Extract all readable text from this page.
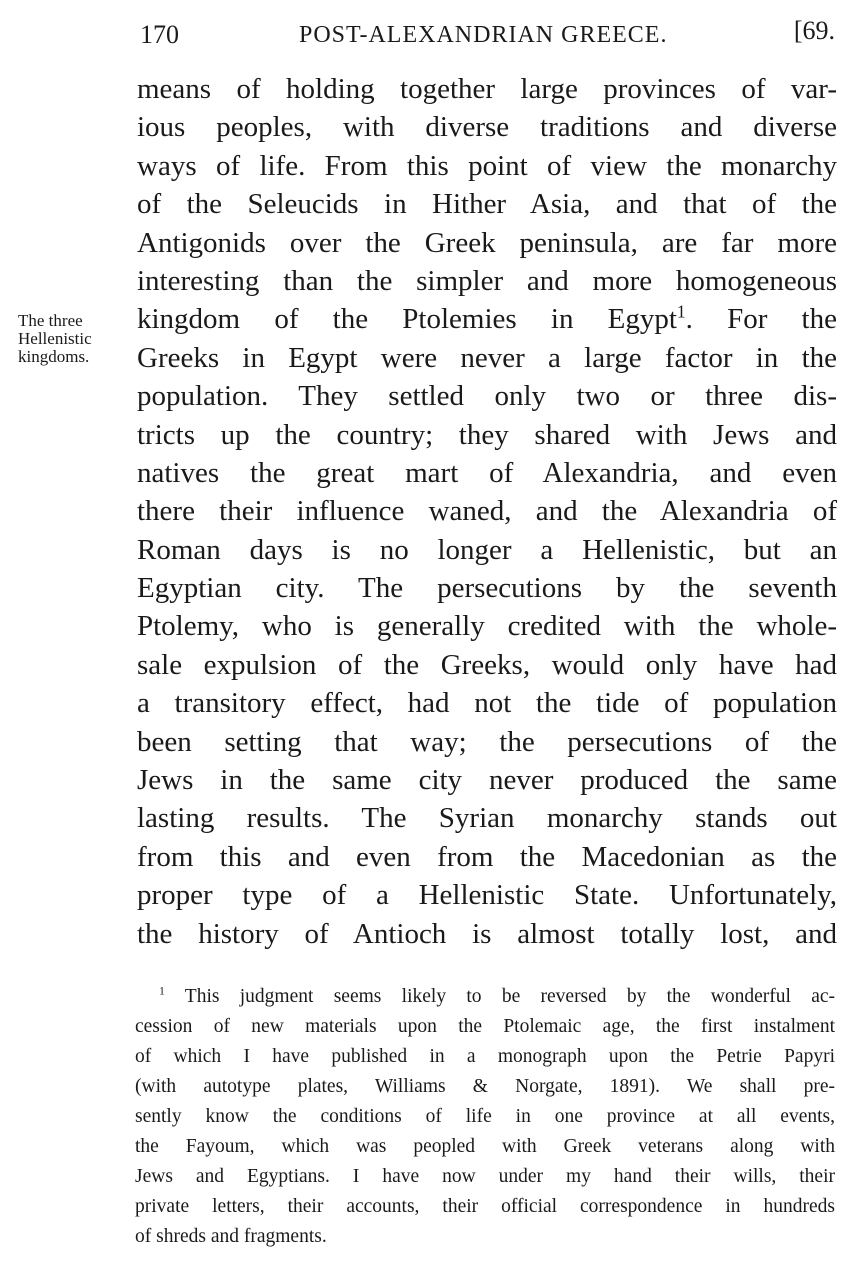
170	POST-ALEXANDRIAN GREECE.	[69.
The three
Hellenistic
kingdoms.
means of holding together large provinces of var-
ious peoples, with diverse traditions and diverse
ways of life. From this point of view the monarchy
of the Seleucids in Hither Asia, and that of the
Antigonids over the Greek peninsula, are far more
interesting than the simpler and more homogeneous
kingdom of the Ptolemies in Egypt$^1$. For the
Greeks in Egypt were never a large factor in the
population. They settled only two or three dis-
tricts up the country; they shared with Jews and
natives the great mart of Alexandria, and even
there their influence waned, and the Alexandria of
Roman days is no longer a Hellenistic, but an
Egyptian city. The persecutions by the seventh
Ptolemy, who is generally credited with the whole-
sale expulsion of the Greeks, would only have had
a transitory effect, had not the tide of population
been setting that way; the persecutions of the
Jews in the same city never produced the same
lasting results. The Syrian monarchy stands out
from this and even from the Macedonian as the
proper type of a Hellenistic State. Unfortunately,
the history of Antioch is almost totally lost, and
$^1$ This judgment seems likely to be reversed by the wonderful ac-
cession of new materials upon the Ptolemaic age, the first instalment
of which I have published in a monograph upon the Petrie Papyri
(with autotype plates, Williams & Norgate, 1891). We shall pre-
sently know the conditions of life in one province at all events,
the Fayoum, which was peopled with Greek veterans along with
Jews and Egyptians. I have now under my hand their wills, their
private letters, their accounts, their official correspondence in hundreds
of shreds and fragments.
